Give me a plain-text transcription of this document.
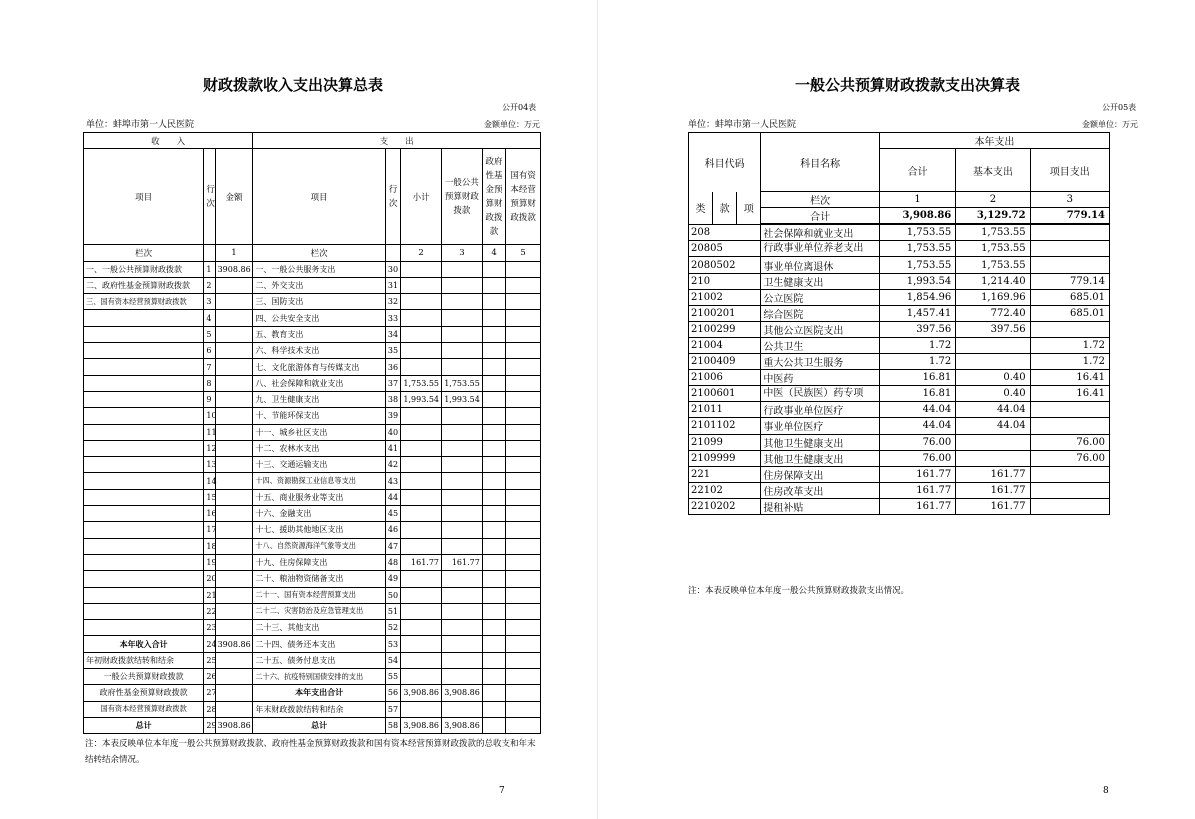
财政拨款收入支出决算总表
公开04表
单位：蚌埠市第一人民医院	金额单位：万元
收　　入			支　　出					
项目	行次	金额	项目	行次	小计	一般公共预算财政拨款	政府性基金预算财政拨款	国有资本经营预算财政拨款
栏次		1	栏次		2	3	4	5
一、一般公共预算财政拨款	1	3908.86	一、一般公共服务支出	30				
二、政府性基金预算财政拨款	2		二、外交支出	31				
三、国有资本经营预算财政拨款	3		三、国防支出	32				
	4		四、公共安全支出	33				
	5		五、教育支出	34				
	6		六、科学技术支出	35				
	7		七、文化旅游体育与传媒支出	36				
	8		八、社会保障和就业支出	37	1,753.55	1,753.55		
	9		九、卫生健康支出	38	1,993.54	1,993.54		
	10		十、节能环保支出	39				
	11		十一、城乡社区支出	40				
	12		十二、农林水支出	41				
	13		十三、交通运输支出	42				
	14		十四、资源勘探工业信息等支出	43				
	15		十五、商业服务业等支出	44				
	16		十六、金融支出	45				
	17		十七、援助其他地区支出	46				
	18		十八、自然资源海洋气象等支出	47				
	19		十九、住房保障支出	48	161.77	161.77		
	20		二十、粮油物资储备支出	49				
	21		二十一、国有资本经营预算支出	50				
	22		二十二、灾害防治及应急管理支出	51				
	23		二十三、其他支出	52				
本年收入合计	24	3908.86	二十四、债务还本支出	53				
年初财政拨款结转和结余	25		二十五、债务付息支出	54				
一般公共预算财政拨款	26		二十六、抗疫特别国债安排的支出	55				
政府性基金预算财政拨款	27		本年支出合计	56	3,908.86	3,908.86		
国有资本经营预算财政拨款	28		年末财政拨款结转和结余	57				
总计	29	3908.86	总计	58	3,908.86	3,908.86		
注：本表反映单位本年度一般公共预算财政拨款、政府性基金预算财政拨款和国有资本经营预算财政拨款的总收支和年末结转结余情况。
7
一般公共预算财政拨款支出决算表
公开05表
单位：蚌埠市第一人民医院	金额单位：万元
科目代码			科目名称	本年支出		
				合计	基本支出	项目支出

类	款	项	栏次	1	2	3
			合计	3,908.86	3,129.72	779.14
208			社会保障和就业支出	1,753.55	1,753.55	
20805			行政事业单位养老支出	1,753.55	1,753.55	
2080502			事业单位离退休	1,753.55	1,753.55	
210			卫生健康支出	1,993.54	1,214.40	779.14
21002			公立医院	1,854.96	1,169.96	685.01
2100201			综合医院	1,457.41	772.40	685.01
2100299			其他公立医院支出	397.56	397.56	
21004			公共卫生	1.72		1.72
2100409			重大公共卫生服务	1.72		1.72
21006			中医药	16.81	0.40	16.41
2100601			中医（民族医）药专项	16.81	0.40	16.41
21011			行政事业单位医疗	44.04	44.04	
2101102			事业单位医疗	44.04	44.04	
21099			其他卫生健康支出	76.00		76.00
2109999			其他卫生健康支出	76.00		76.00
221			住房保障支出	161.77	161.77	
22102			住房改革支出	161.77	161.77	
2210202			提租补贴	161.77	161.77	
注：本表反映单位本年度一般公共预算财政拨款支出情况。
8
